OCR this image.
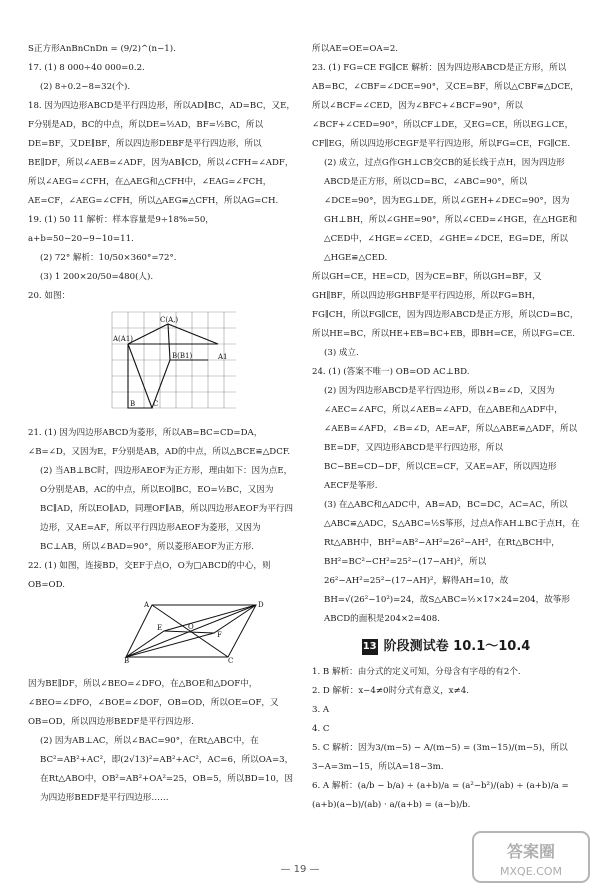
S正方形AnBnCnDn = (9/2)^(n−1).

17. (1) 8 000÷40 000=0.2.

(2) 8÷0.2−8=32(个).

18. 因为四边形ABCD是平行四边形，所以AD∥BC，AD=BC，又E，F分别是AD，BC的中点，所以DE=½AD，BF=½BC，所以DE=BF，又DE∥BF，所以四边形DEBF是平行四边形，所以BE∥DF，所以∠AEB=∠ADF，因为AB∥CD，所以∠CFH=∠ADF，所以∠AEG=∠CFH，在△AEG和△CFH中，∠EAG=∠FCH，AE=CF，∠AEG=∠CFH，所以△AEG≌△CFH，所以AG=CH.

19. (1) 50 11 解析：样本容量是9÷18%=50，a+b=50−20−9−10=11.

(2) 72° 解析：10/50×360°=72°.

(3) 1 200×20/50=480(人).

20. 如图：

C(A,)
A(A1)
B(B1)	A1
B	C

21. (1) 因为四边形ABCD为菱形，所以AB=BC=CD=DA，∠B=∠D，又因为E，F分别是AB，AD的中点，所以△BCE≌△DCF.

(2) 当AB⊥BC时，四边形AEOF为正方形，理由如下：因为点E，O分别是AB，AC的中点，所以EO∥BC，EO=½BC，又因为BC∥AD，所以EO∥AD，同理OF∥AB，所以四边形AEOF为平行四边形，又AE=AF，所以平行四边形AEOF为菱形，又因为BC⊥AB，所以∠BAD=90°，所以菱形AEOF为正方形.

22. (1) 如图，连接BD，交EF于点O，O为□ABCD的中心，则OB=OD.

A	D
E	O
F
B	C

因为BE∥DF，所以∠BEO=∠DFO，在△BOE和△DOF中，∠BEO=∠DFO，∠BOE=∠DOF，OB=OD，所以OE=OF，又OB=OD，所以四边形BEDF是平行四边形.

(2) 因为AB⊥AC，所以∠BAC=90°，在Rt△ABC中，在BC²=AB²+AC²，即(2√13)²=AB²+AC²，AC=6，所以OA=3，在Rt△ABO中，OB²=AB²+OA²=25，OB=5，所以BD=10，因为四边形BEDF是平行四边形……

所以AE=OE=OA=2.

23. (1) FG=CE FG∥CE 解析：因为四边形ABCD是正方形，所以AB=BC，∠CBF=∠DCE=90°，又CE=BF，所以△CBF≌△DCE，所以∠BCF=∠CED，因为∠BFC+∠BCF=90°，所以∠BCF+∠CED=90°，所以CF⊥DE，又EG=CE，所以EG⊥CE，CF∥EG，所以四边形CEGF是平行四边形，所以FG=CE，FG∥CE.

(2) 成立，过点G作GH⊥CB交CB的延长线于点H，因为四边形ABCD是正方形，所以CD=BC，∠ABC=90°，所以∠DCE=90°，因为EG⊥DE，所以∠GEH+∠DEC=90°，因为GH⊥BH，所以∠GHE=90°，所以∠CED=∠HGE，在△HGE和△CED中，∠HGE=∠CED，∠GHE=∠DCE，EG=DE，所以△HGE≌△CED.

所以GH=CE，HE=CD，因为CE=BF，所以GH=BF，又GH∥BF，所以四边形GHBF是平行四边形，所以FG=BH，FG∥CH，所以FG∥CE，因为四边形ABCD是正方形，所以CD=BC，所以HE=BC，所以HE+EB=BC+EB，即BH=CE，所以FG=CE.

(3) 成立.

24. (1) (答案不唯一) OB=OD AC⊥BD.

(2) 因为四边形ABCD是平行四边形，所以∠B=∠D，又因为∠AEC=∠AFC，所以∠AEB=∠AFD，在△ABE和△ADF中，∠AEB=∠AFD，∠B=∠D，AE=AF，所以△ABE≌△ADF，所以BE=DF，又四边形ABCD是平行四边形，所以BC−BE=CD−DF，所以CE=CF，又AE=AF，所以四边形AECF是筝形.

(3) 在△ABC和△ADC中，AB=AD，BC=DC，AC=AC，所以△ABC≌△ADC，S△ABC=½S筝形，过点A作AH⊥BC于点H，在Rt△ABH中，BH²=AB²−AH²=26²−AH²，在Rt△BCH中，BH²=BC²−CH²=25²−(17−AH)²，所以26²−AH²=25²−(17−AH)²，解得AH=10，故BH=√(26²−10²)=24，故S△ABC=½×17×24=204，故筝形ABCD的面积是204×2=408.

13 阶段测试卷 10.1～10.4

1. B 解析：由分式的定义可知，分母含有字母的有2个.

2. D 解析：x−4≠0时分式有意义，x≠4.

3. A

4. C

5. C 解析：因为3/(m−5) − A/(m−5) = (3m−15)/(m−5)，所以3−A=3m−15，所以A=18−3m.

6. A 解析：(a/b − b/a) ÷ (a+b)/a = (a²−b²)/(ab) ÷ (a+b)/a = (a+b)(a−b)/(ab) · a/(a+b) = (a−b)/b.

— 19 —
答案圈
MXQE.COM
